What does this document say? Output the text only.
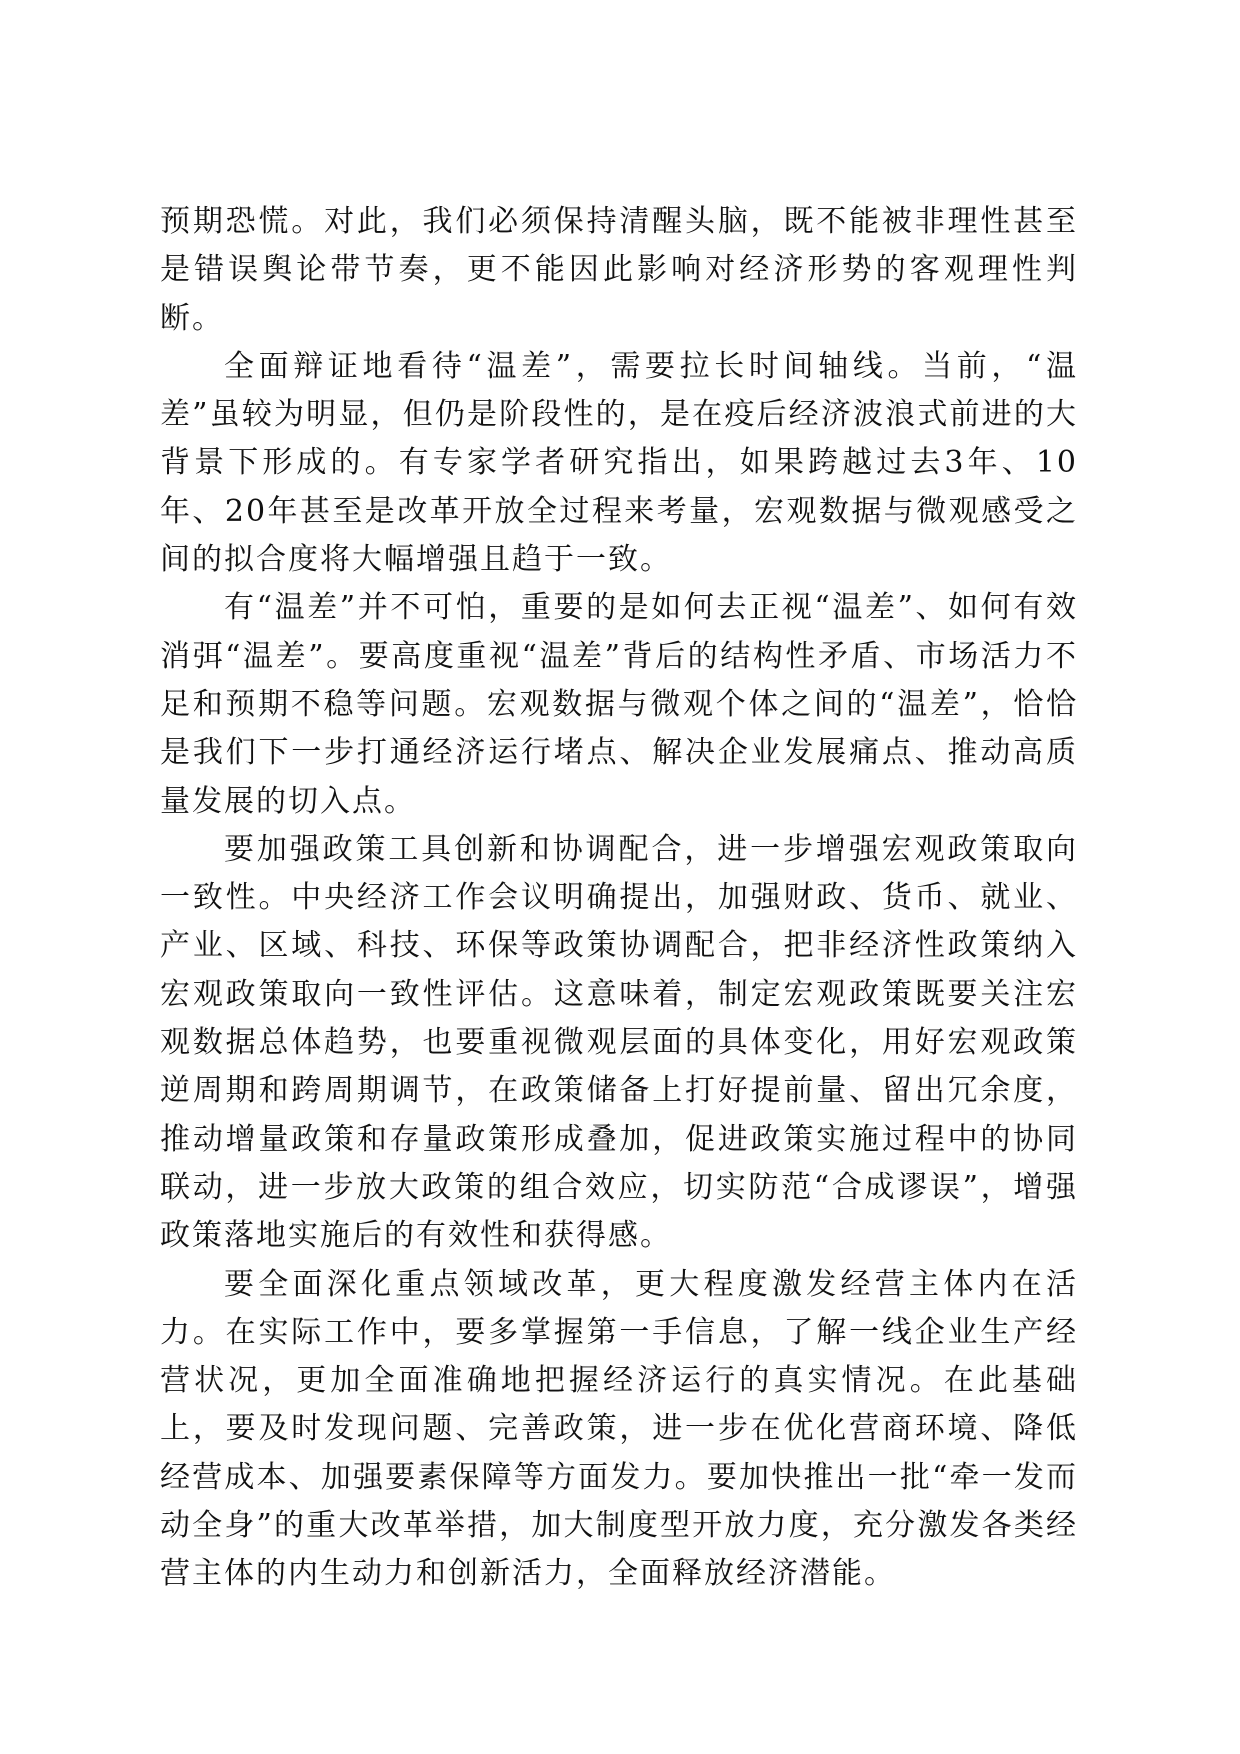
预期恐慌。对此，我们必须保持清醒头脑，既不能被非理性甚至是错误舆论带节奏，更不能因此影响对经济形势的客观理性判断。

全面辩证地看待“温差”，需要拉长时间轴线。当前，“温差”虽较为明显，但仍是阶段性的，是在疫后经济波浪式前进的大背景下形成的。有专家学者研究指出，如果跨越过去3年、10年、20年甚至是改革开放全过程来考量，宏观数据与微观感受之间的拟合度将大幅增强且趋于一致。

有“温差”并不可怕，重要的是如何去正视“温差”、如何有效消弭“温差”。要高度重视“温差”背后的结构性矛盾、市场活力不足和预期不稳等问题。宏观数据与微观个体之间的“温差”，恰恰是我们下一步打通经济运行堵点、解决企业发展痛点、推动高质量发展的切入点。

要加强政策工具创新和协调配合，进一步增强宏观政策取向一致性。中央经济工作会议明确提出，加强财政、货币、就业、产业、区域、科技、环保等政策协调配合，把非经济性政策纳入宏观政策取向一致性评估。这意味着，制定宏观政策既要关注宏观数据总体趋势，也要重视微观层面的具体变化，用好宏观政策逆周期和跨周期调节，在政策储备上打好提前量、留出冗余度，推动增量政策和存量政策形成叠加，促进政策实施过程中的协同联动，进一步放大政策的组合效应，切实防范“合成谬误”，增强政策落地实施后的有效性和获得感。

要全面深化重点领域改革，更大程度激发经营主体内在活力。在实际工作中，要多掌握第一手信息，了解一线企业生产经营状况，更加全面准确地把握经济运行的真实情况。在此基础上，要及时发现问题、完善政策，进一步在优化营商环境、降低经营成本、加强要素保障等方面发力。要加快推出一批“牵一发而动全身”的重大改革举措，加大制度型开放力度，充分激发各类经营主体的内生动力和创新活力，全面释放经济潜能。
